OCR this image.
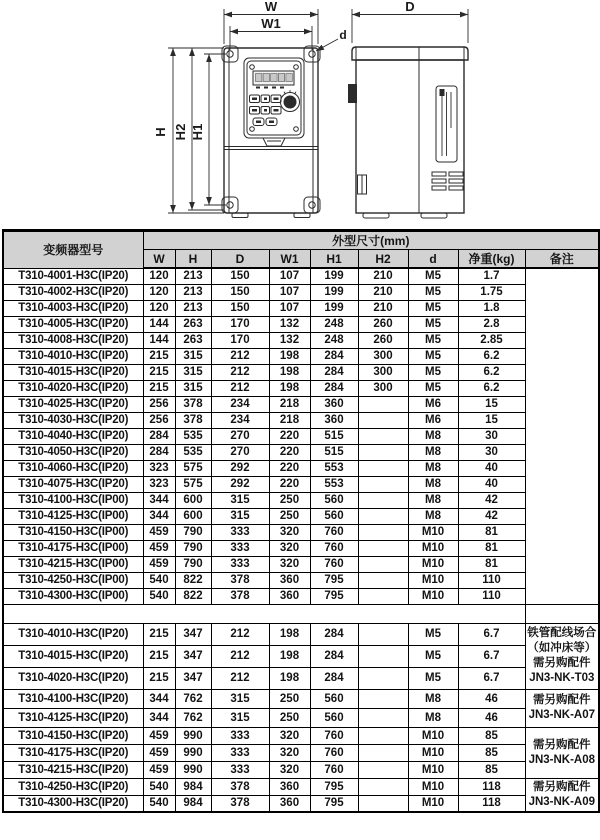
W
W1
d
H H2 H1
D
变频器型号	外型尺寸(mm)								
	W	H	D	W1	H1	H2	d	净重(kg)	备注
T310-4001-H3C(IP20)	120	213	150	107	199	210	M5	1.7	

T310-4002-H3C(IP20)	120	213	150	107	199	210	M5	1.75	
T310-4003-H3C(IP20)	120	213	150	107	199	210	M5	1.8	
T310-4005-H3C(IP20)	144	263	170	132	248	260	M5	2.8	
T310-4008-H3C(IP20)	144	263	170	132	248	260	M5	2.85	
T310-4010-H3C(IP20)	215	315	212	198	284	300	M5	6.2	
T310-4015-H3C(IP20)	215	315	212	198	284	300	M5	6.2	
T310-4020-H3C(IP20)	215	315	212	198	284	300	M5	6.2	
T310-4025-H3C(IP20)	256	378	234	218	360		M6	15	
T310-4030-H3C(IP20)	256	378	234	218	360		M6	15	
T310-4040-H3C(IP20)	284	535	270	220	515		M8	30	
T310-4050-H3C(IP20)	284	535	270	220	515		M8	30	
T310-4060-H3C(IP20)	323	575	292	220	553		M8	40	
T310-4075-H3C(IP20)	323	575	292	220	553		M8	40	
T310-4100-H3C(IP00)	344	600	315	250	560		M8	42	
T310-4125-H3C(IP00)	344	600	315	250	560		M8	42	
T310-4150-H3C(IP00)	459	790	333	320	760		M10	81	
T310-4175-H3C(IP00)	459	790	333	320	760		M10	81	
T310-4215-H3C(IP00)	459	790	333	320	760		M10	81	
T310-4250-H3C(IP00)	540	822	378	360	795		M10	110	
T310-4300-H3C(IP00)	540	822	378	360	795		M10	110	

T310-4010-H3C(IP20)	215	347	212	198	284		M5	6.7	铁管配线场合
（如冲床等）
需另购配件
JN3-NK-T03

T310-4015-H3C(IP20)	215	347	212	198	284		M5	6.7	
T310-4020-H3C(IP20)	215	347	212	198	284		M5	6.7	
T310-4100-H3C(IP20)	344	762	315	250	560		M8	46	需另购配件
JN3-NK-A07

T310-4125-H3C(IP20)	344	762	315	250	560		M8	46	
T310-4150-H3C(IP20)	459	990	333	320	760		M10	85	需另购配件
JN3-NK-A08

T310-4175-H3C(IP20)	459	990	333	320	760		M10	85	
T310-4215-H3C(IP20)	459	990	333	320	760		M10	85	
T310-4250-H3C(IP20)	540	984	378	360	795		M10	118	需另购配件
JN3-NK-A09

T310-4300-H3C(IP20)	540	984	378	360	795		M10	118	
